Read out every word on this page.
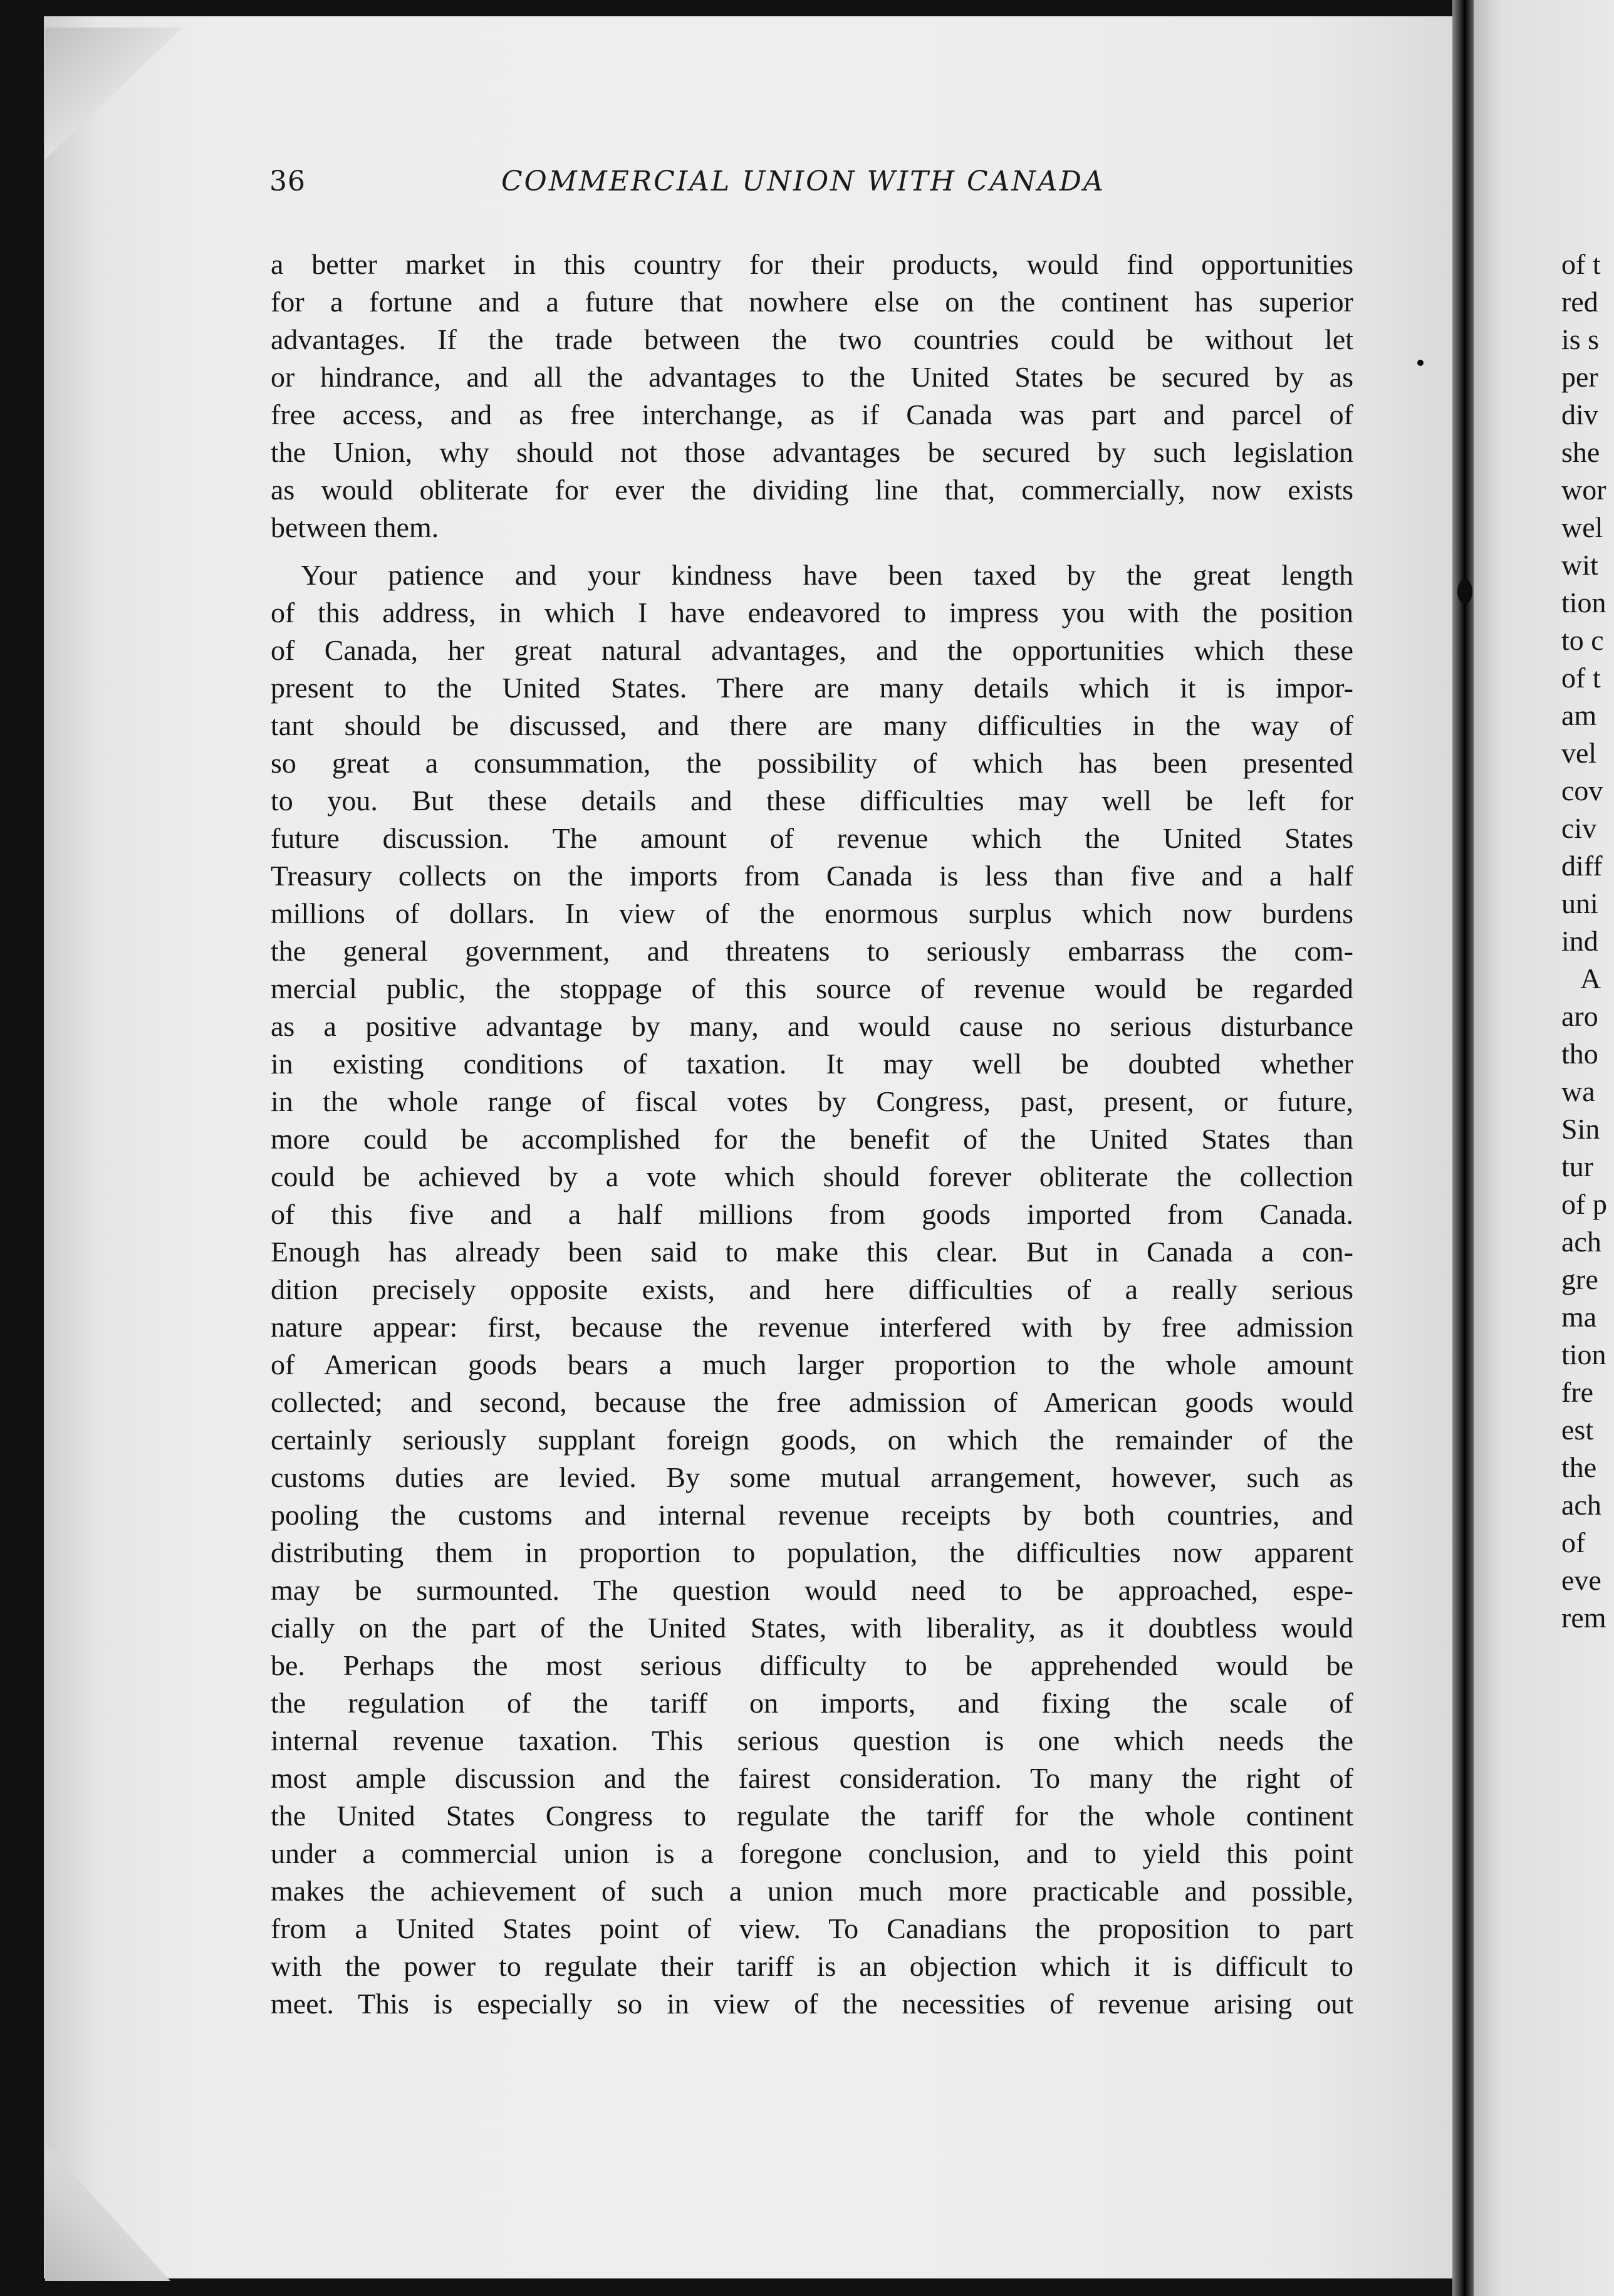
36	COMMERCIAL UNION WITH CANADA
a better market in this country for their products, would find opportunities
for a fortune and a future that nowhere else on the continent has superior
advantages. If the trade between the two countries could be without let
or hindrance, and all the advantages to the United States be secured by as
free access, and as free interchange, as if Canada was part and parcel of
the Union, why should not those advantages be secured by such legislation
as would obliterate for ever the dividing line that, commercially, now exists
between them.
Your patience and your kindness have been taxed by the great length
of this address, in which I have endeavored to impress you with the position
of Canada, her great natural advantages, and the opportunities which these
present to the United States. There are many details which it is impor-
tant should be discussed, and there are many difficulties in the way of
so great a consummation, the possibility of which has been presented
to you. But these details and these difficulties may well be left for
future discussion. The amount of revenue which the United States
Treasury collects on the imports from Canada is less than five and a half
millions of dollars. In view of the enormous surplus which now burdens
the general government, and threatens to seriously embarrass the com-
mercial public, the stoppage of this source of revenue would be regarded
as a positive advantage by many, and would cause no serious disturbance
in existing conditions of taxation. It may well be doubted whether
in the whole range of fiscal votes by Congress, past, present, or future,
more could be accomplished for the benefit of the United States than
could be achieved by a vote which should forever obliterate the collection
of this five and a half millions from goods imported from Canada.
Enough has already been said to make this clear. But in Canada a con-
dition precisely opposite exists, and here difficulties of a really serious
nature appear: first, because the revenue interfered with by free admission
of American goods bears a much larger proportion to the whole amount
collected; and second, because the free admission of American goods would
certainly seriously supplant foreign goods, on which the remainder of the
customs duties are levied. By some mutual arrangement, however, such as
pooling the customs and internal revenue receipts by both countries, and
distributing them in proportion to population, the difficulties now apparent
may be surmounted. The question would need to be approached, espe-
cially on the part of the United States, with liberality, as it doubtless would
be. Perhaps the most serious difficulty to be apprehended would be
the regulation of the tariff on imports, and fixing the scale of
internal revenue taxation. This serious question is one which needs the
most ample discussion and the fairest consideration. To many the right of
the United States Congress to regulate the tariff for the whole continent
under a commercial union is a foregone conclusion, and to yield this point
makes the achievement of such a union much more practicable and possible,
from a United States point of view. To Canadians the proposition to part
with the power to regulate their tariff is an objection which it is difficult to
meet. This is especially so in view of the necessities of revenue arising out
of t
red
is s
per
div
she
wor
wel
wit
tion
to c
of t
am
vel
cov
civ
diff
uni
ind
A
aro
tho
wa
Sin
tur
of p
ach
gre
ma
tion
fre
est
the
ach
of
eve
rem
